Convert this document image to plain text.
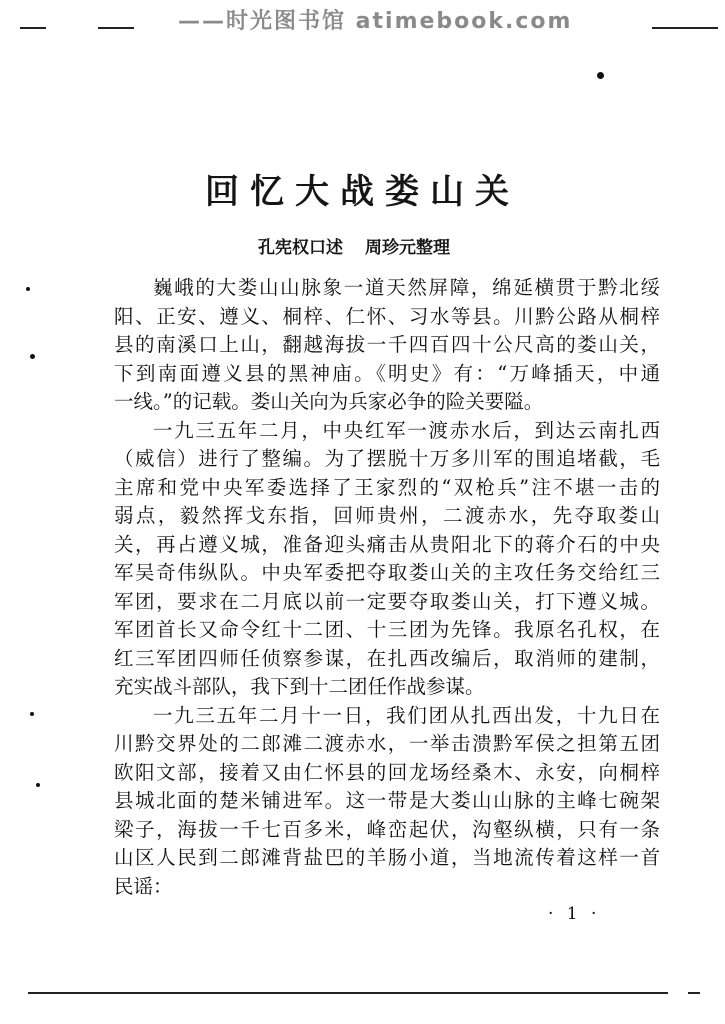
——时光图书馆 atimebook.com
回忆大战娄山关
孔宪权口述 周珍元整理
巍峨的大娄山山脉象一道天然屏障，绵延横贯于黔北绥
阳、正安、遵义、桐梓、仁怀、习水等县。川黔公路从桐梓
县的南溪口上山，翻越海拔一千四百四十公尺高的娄山关，
下到南面遵义县的黑神庙。《明史》有：“万峰插天，中通
一线。”的记载。娄山关向为兵家必争的险关要隘。
一九三五年二月，中央红军一渡赤水后，到达云南扎西
（威信）进行了整编。为了摆脱十万多川军的围追堵截，毛
主席和党中央军委选择了王家烈的“双枪兵”注不堪一击的
弱点，毅然挥戈东指，回师贵州，二渡赤水，先夺取娄山
关，再占遵义城，准备迎头痛击从贵阳北下的蒋介石的中央
军吴奇伟纵队。中央军委把夺取娄山关的主攻任务交给红三
军团，要求在二月底以前一定要夺取娄山关，打下遵义城。
军团首长又命令红十二团、十三团为先锋。我原名孔权，在
红三军团四师任侦察参谋，在扎西改编后，取消师的建制，
充实战斗部队，我下到十二团任作战参谋。
一九三五年二月十一日，我们团从扎西出发，十九日在
川黔交界处的二郎滩二渡赤水，一举击溃黔军侯之担第五团
欧阳文部，接着又由仁怀县的回龙场经桑木、永安，向桐梓
县城北面的楚米铺进军。这一带是大娄山山脉的主峰七碗架
梁子，海拔一千七百多米，峰峦起伏，沟壑纵横，只有一条
山区人民到二郎滩背盐巴的羊肠小道，当地流传着这样一首
民谣：
· 1 ·
